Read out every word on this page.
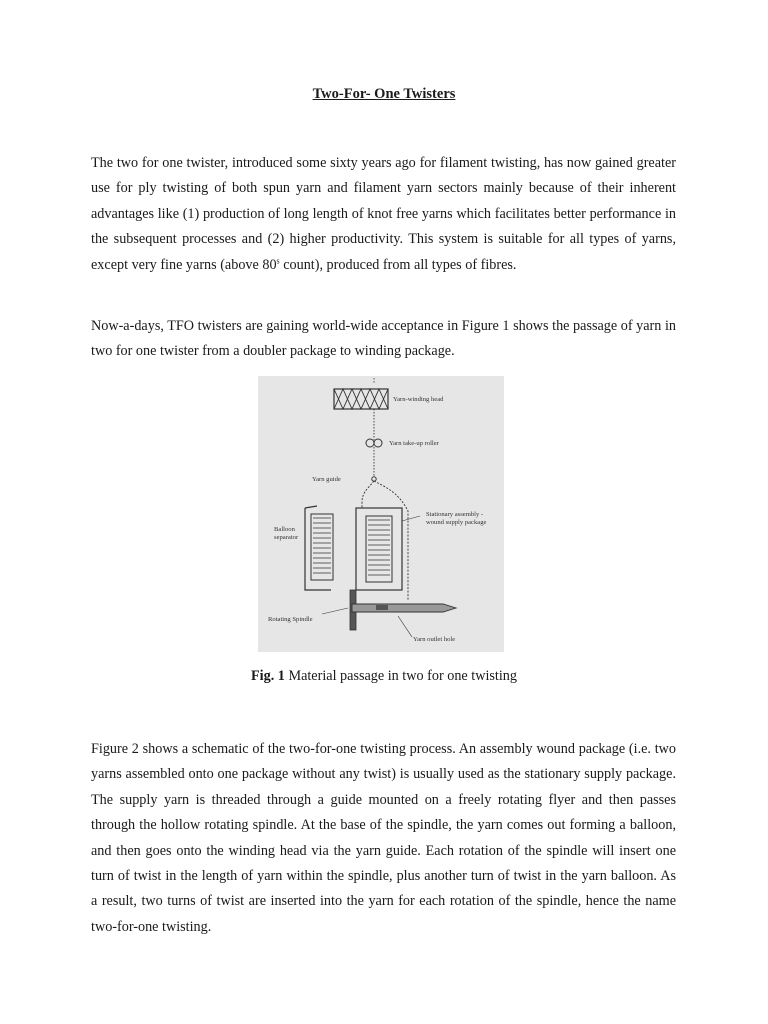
Two-For- One Twisters

The two for one twister, introduced some sixty years ago for filament twisting, has now gained greater use for ply twisting of both spun yarn and filament yarn sectors mainly because of their inherent advantages like (1) production of long length of knot free yarns which facilitates better performance in the subsequent processes and (2) higher productivity. This system is suitable for all types of yarns, except very fine yarns (above 80$^s$ count), produced from all types of fibres.

Now-a-days, TFO twisters are gaining world-wide acceptance in Figure 1 shows the passage of yarn in two for one twister from a doubler package to winding package.

Yarn-winding head
Yarn take-up roller
Yarn guide
Balloon
separator
Stationary assembly -
wound supply package
Rotating Spindle
Yarn outlet hole
Fig. 1 Material passage in two for one twisting

Figure 2 shows a schematic of the two-for-one twisting process. An assembly wound package (i.e. two yarns assembled onto one package without any twist) is usually used as the stationary supply package. The supply yarn is threaded through a guide mounted on a freely rotating flyer and then passes through the hollow rotating spindle. At the base of the spindle, the yarn comes out forming a balloon, and then goes onto the winding head via the yarn guide. Each rotation of the spindle will insert one turn of twist in the length of yarn within the spindle, plus another turn of twist in the yarn balloon. As a result, two turns of twist are inserted into the yarn for each rotation of the spindle, hence the name two-for-one twisting.
